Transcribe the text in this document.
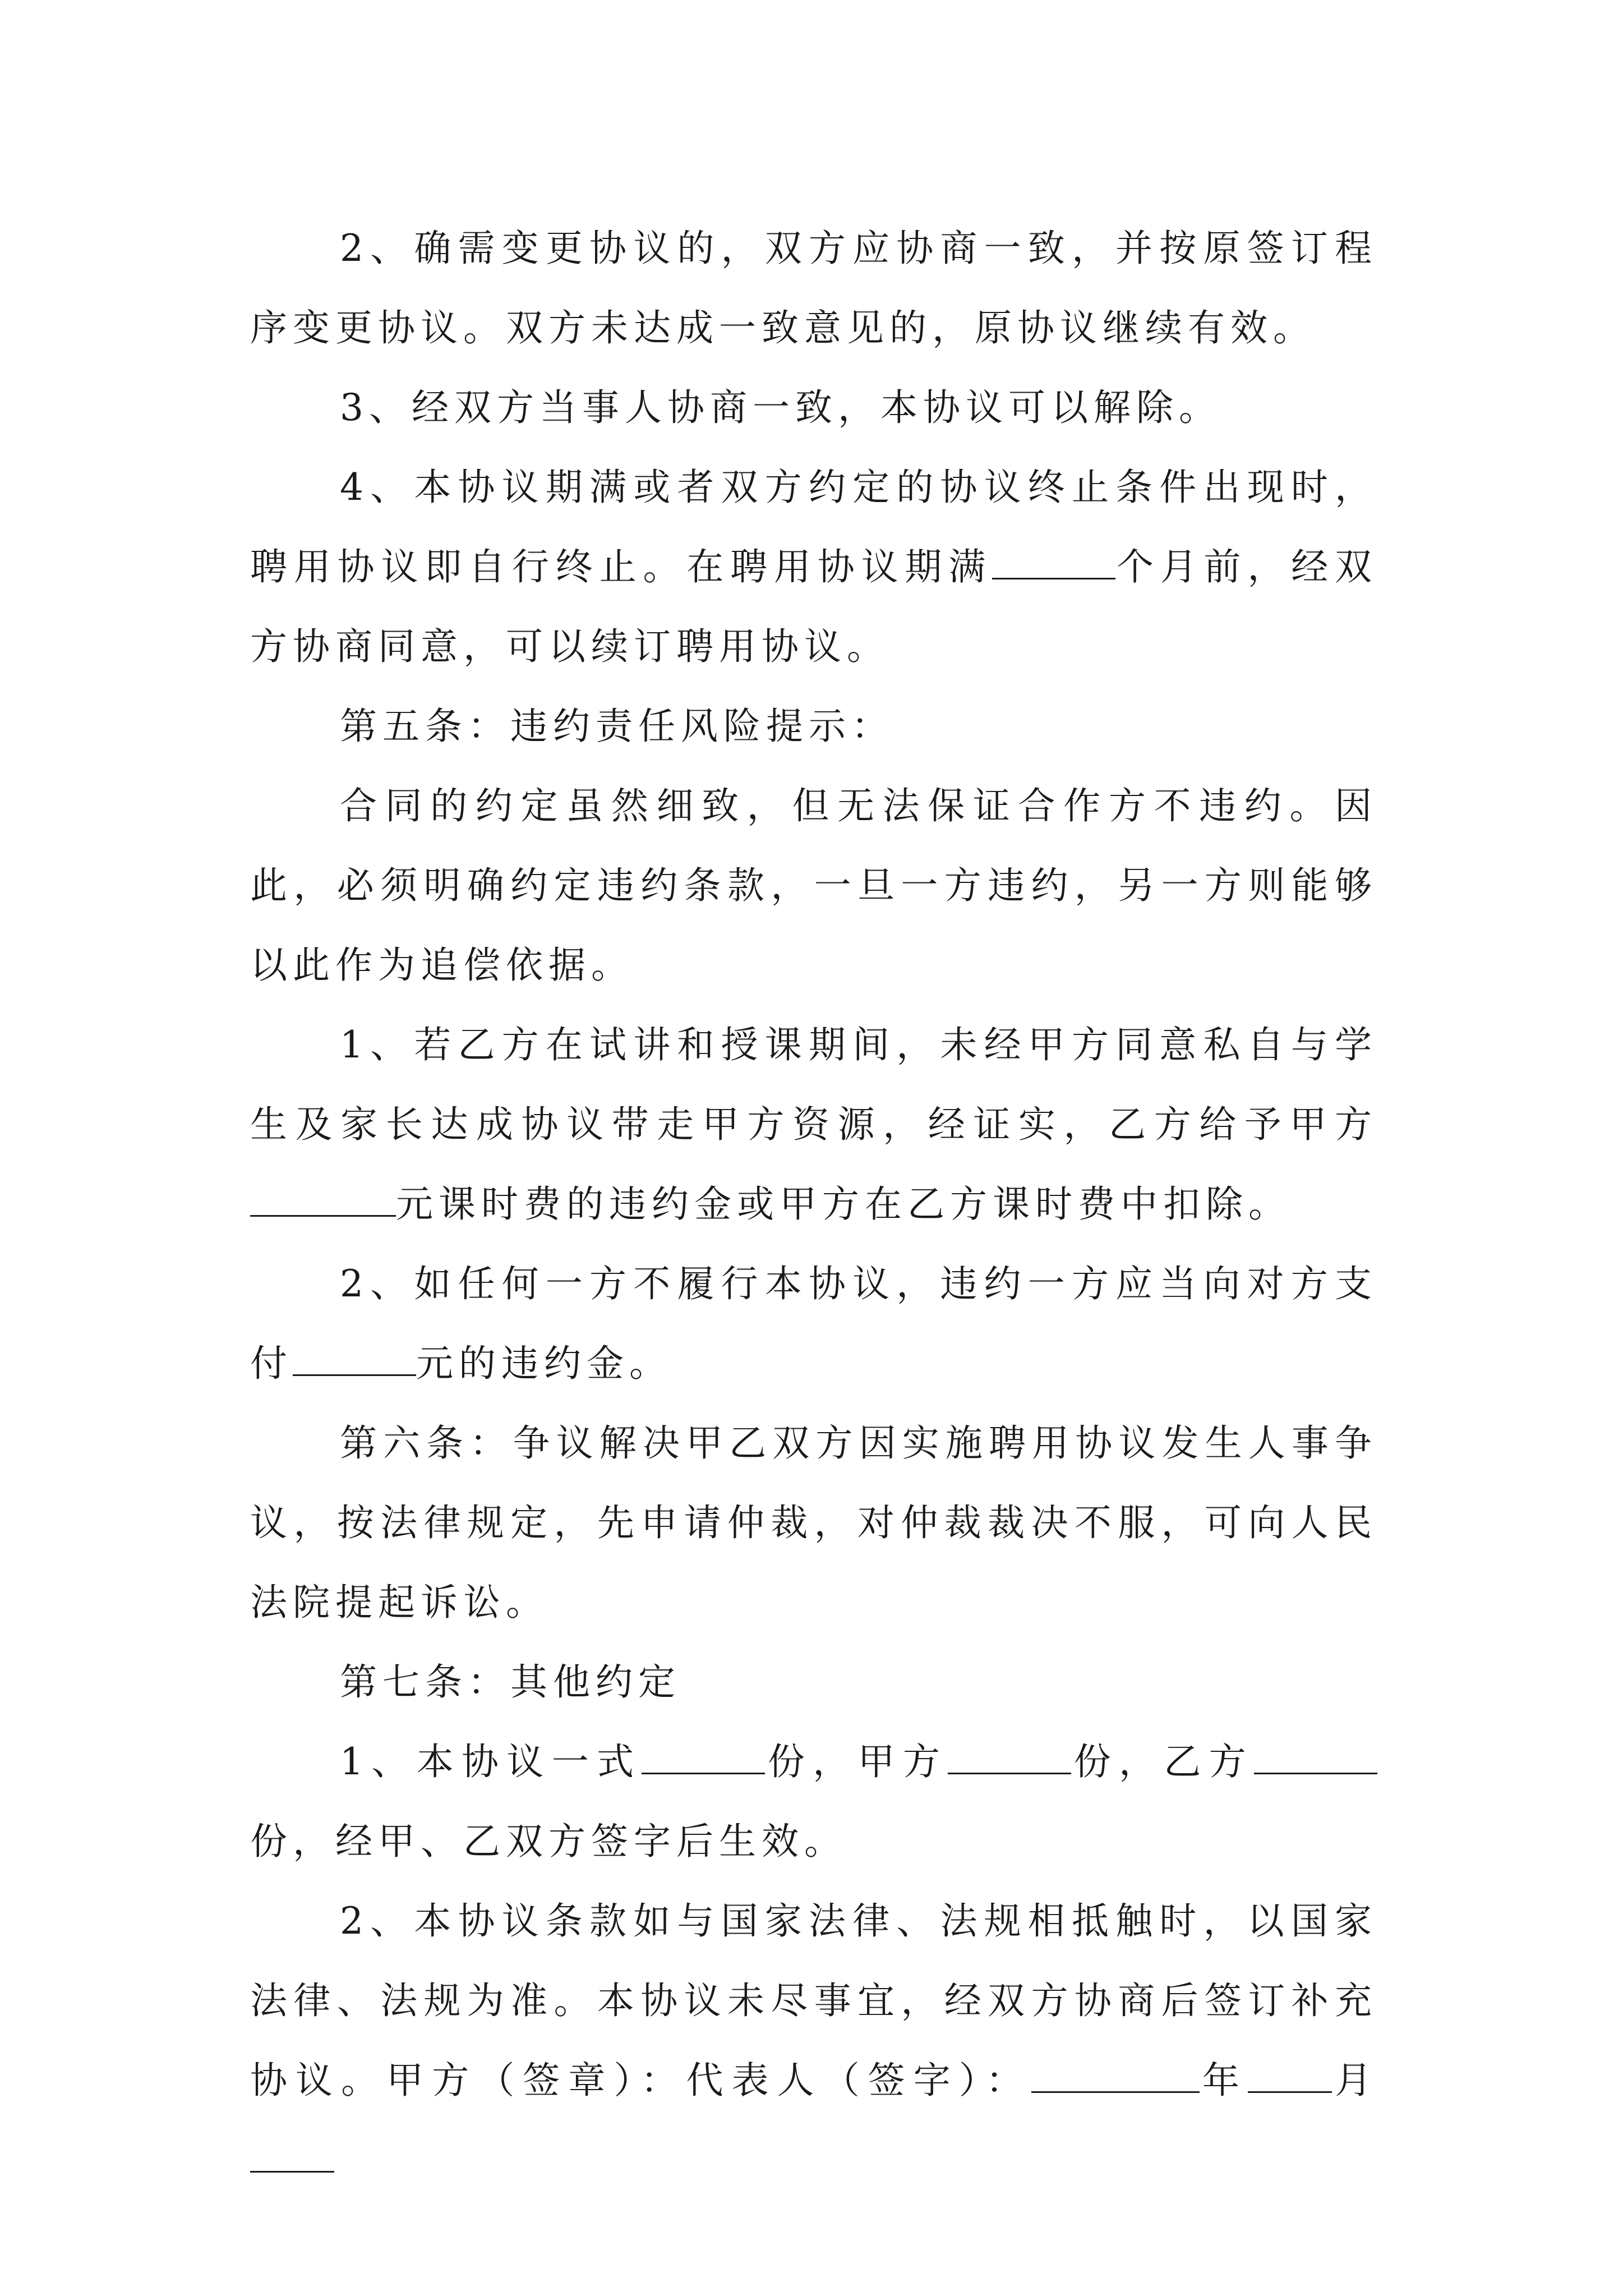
2、确需变更协议的，双方应协商一致，并按原签订程序变更协议。双方未达成一致意见的，原协议继续有效。

3、经双方当事人协商一致，本协议可以解除。

4、本协议期满或者双方约定的协议终止条件出现时，聘用协议即自行终止。在聘用协议期满	个月前，经双方协商同意，可以续订聘用协议。

第五条：违约责任风险提示：

合同的约定虽然细致，但无法保证合作方不违约。因此，必须明确约定违约条款，一旦一方违约，另一方则能够以此作为追偿依据。

1、若乙方在试讲和授课期间，未经甲方同意私自与学生及家长达成协议带走甲方资源，经证实，乙方给予甲方元课时费的违约金或甲方在乙方课时费中扣除。

2、如任何一方不履行本协议，违约一方应当向对方支付	元的违约金。

第六条：争议解决甲乙双方因实施聘用协议发生人事争议，按法律规定，先申请仲裁，对仲裁裁决不服，可向人民法院提起诉讼。

第七条：其他约定

1、本协议一式	份，甲方	份，乙方份，经甲、乙双方签字后生效。

2、本协议条款如与国家法律、法规相抵触时，以国家法律、法规为准。本协议未尽事宜，经双方协商后签订补充协议。甲方（签章）：代表人（签字）：	年 月
